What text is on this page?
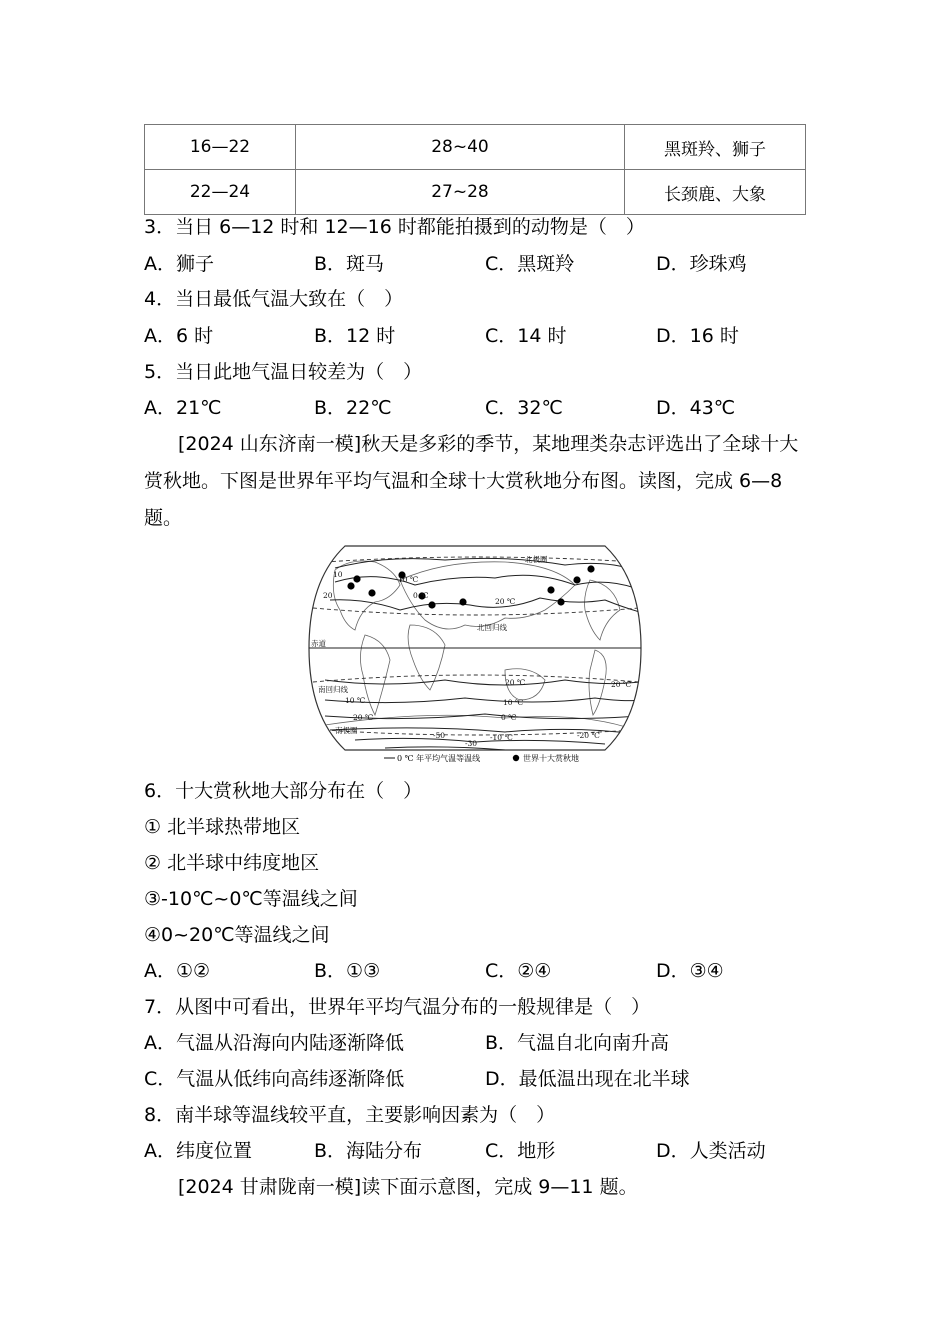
16—22	28~40	黑斑羚、狮子
22—24	27~28	长颈鹿、大象
3．当日 6—12 时和 12—16 时都能拍摄到的动物是（　）
A．狮子	B．斑马	C．黑斑羚	D．珍珠鸡
4．当日最低气温大致在（　）
A．6 时	B．12 时	C．14 时	D．16 时
5．当日此地气温日较差为（　）
A．21℃	B．22℃	C．32℃	D．43℃
[2024 山东济南一模]秋天是多彩的季节，某地理类杂志评选出了全球十大赏秋地。下图是世界年平均气温和全球十大赏秋地分布图。读图，完成 6—8 题。
北极圈
北回归线
赤道
南回归线
南极圈
10 ℃
0 ℃
20 ℃
10
20
20 ℃	20 ℃
10 ℃	10 ℃
0 ℃
20 ℃
-10 ℃	-20 ℃
-30
-50
0 ℃ 年平均气温等温线	世界十大赏秋地
6．十大赏秋地大部分布在（　）
① 北半球热带地区
② 北半球中纬度地区
③-10℃~0℃等温线之间
④0~20℃等温线之间
A．①②	B．①③	C．②④	D．③④
7．从图中可看出，世界年平均气温分布的一般规律是（　）
A．气温从沿海向内陆逐渐降低	B．气温自北向南升高
C．气温从低纬向高纬逐渐降低	D．最低温出现在北半球
8．南半球等温线较平直，主要影响因素为（　）
A．纬度位置	B．海陆分布	C．地形	D．人类活动
[2024 甘肃陇南一模]读下面示意图，完成 9—11 题。
